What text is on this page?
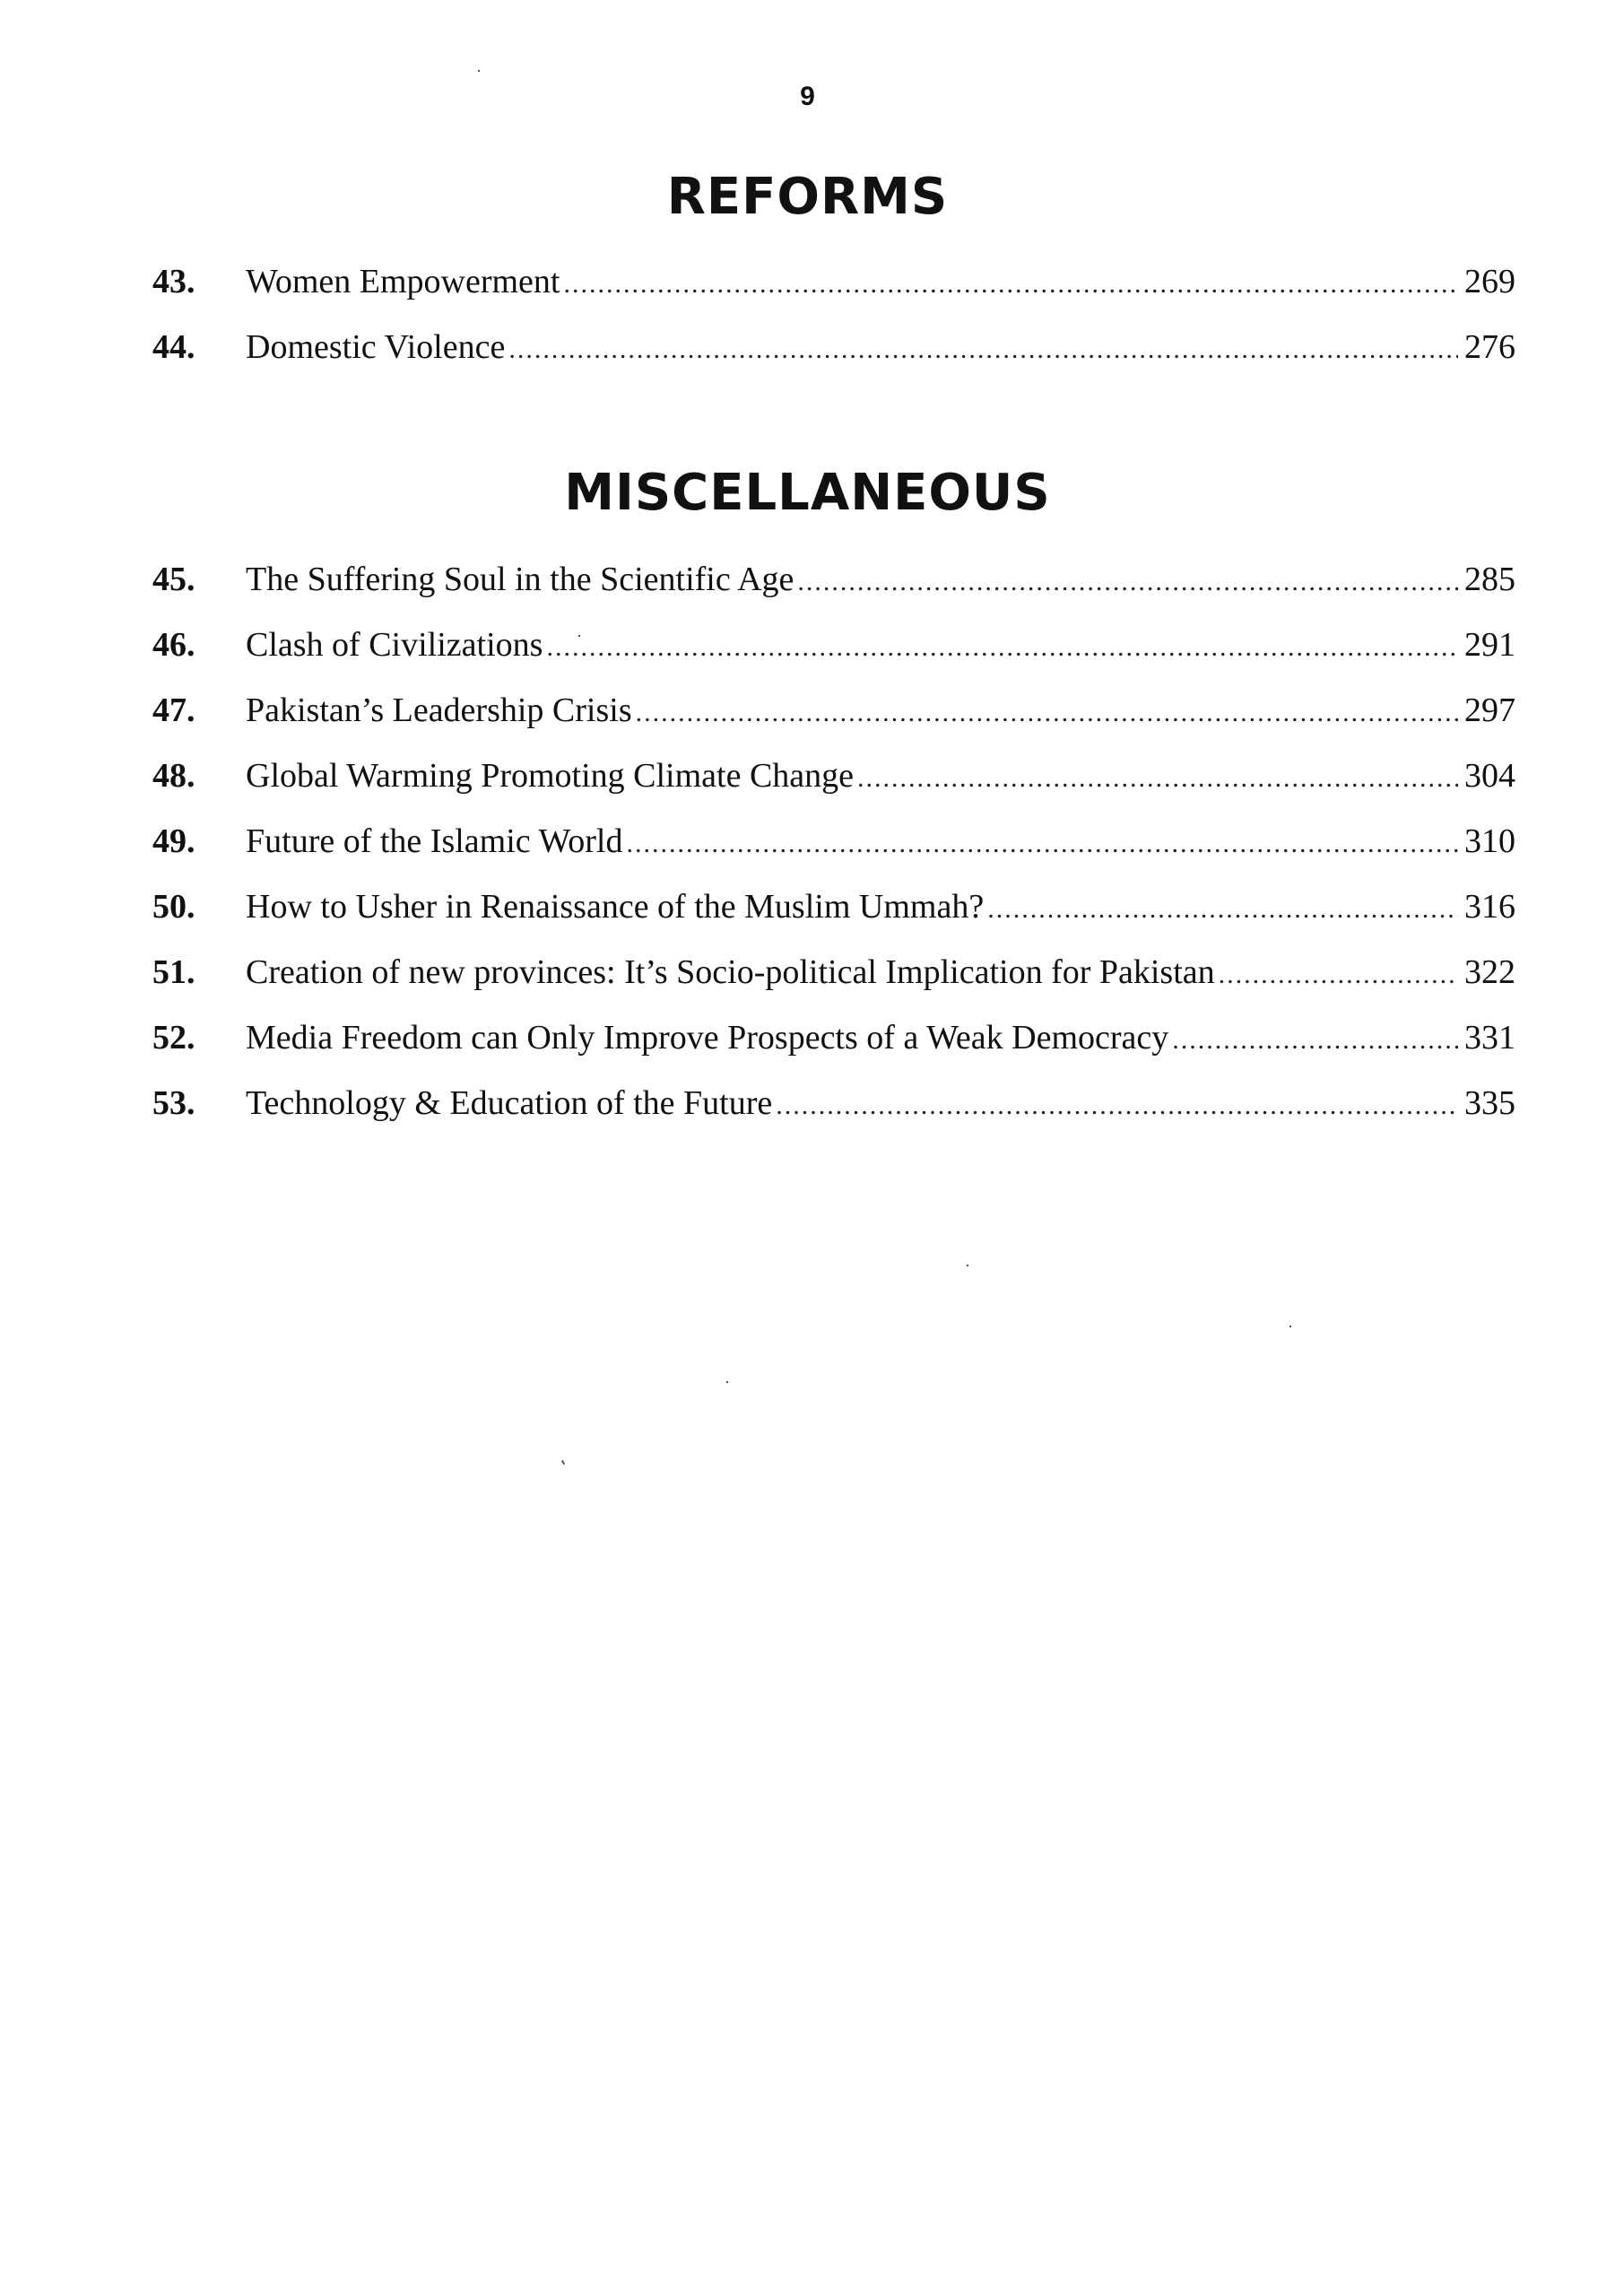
9
REFORMS
43.	Women Empowerment .....	269
44.	Domestic Violence .....	276
MISCELLANEOUS
45.	The Suffering Soul in the Scientific Age .....	285
46.	Clash of Civilizations .....	291
47.	Pakistan’s Leadership Crisis .....	297
48.	Global Warming Promoting Climate Change .....	304
49.	Future of the Islamic World .....	310
50.	How to Usher in Renaissance of the Muslim Ummah? .....	316
51.	Creation of new provinces: It’s Socio-political Implication for Pakistan .....	322
52.	Media Freedom can Only Improve Prospects of a Weak Democracy .....	331
53.	Technology & Education of the Future .....	335
